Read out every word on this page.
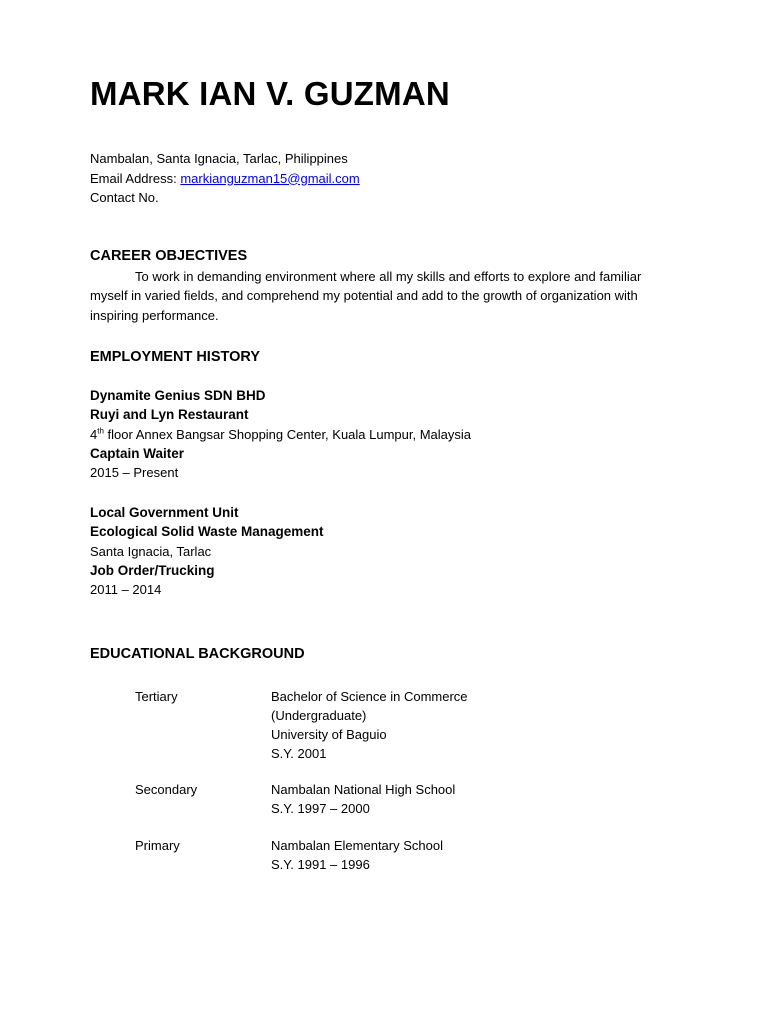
MARK IAN V. GUZMAN
Nambalan, Santa Ignacia, Tarlac, Philippines
Email Address: markianguzman15@gmail.com
Contact No.
CAREER OBJECTIVES
To work in demanding environment where all my skills and efforts to explore and familiar myself in varied fields, and comprehend my potential and add to the growth of organization with inspiring performance.
EMPLOYMENT HISTORY
Dynamite Genius SDN BHD
Ruyi and Lyn Restaurant
4th floor Annex Bangsar Shopping Center, Kuala Lumpur, Malaysia
Captain Waiter
2015 – Present
Local Government Unit
Ecological Solid Waste Management
Santa Ignacia, Tarlac
Job Order/Trucking
2011 – 2014
EDUCATIONAL BACKGROUND
Tertiary	Bachelor of Science in Commerce
(Undergraduate)
University of Baguio
S.Y. 2001
Secondary	Nambalan National High School
S.Y. 1997 – 2000
Primary	Nambalan Elementary School
S.Y. 1991 – 1996
